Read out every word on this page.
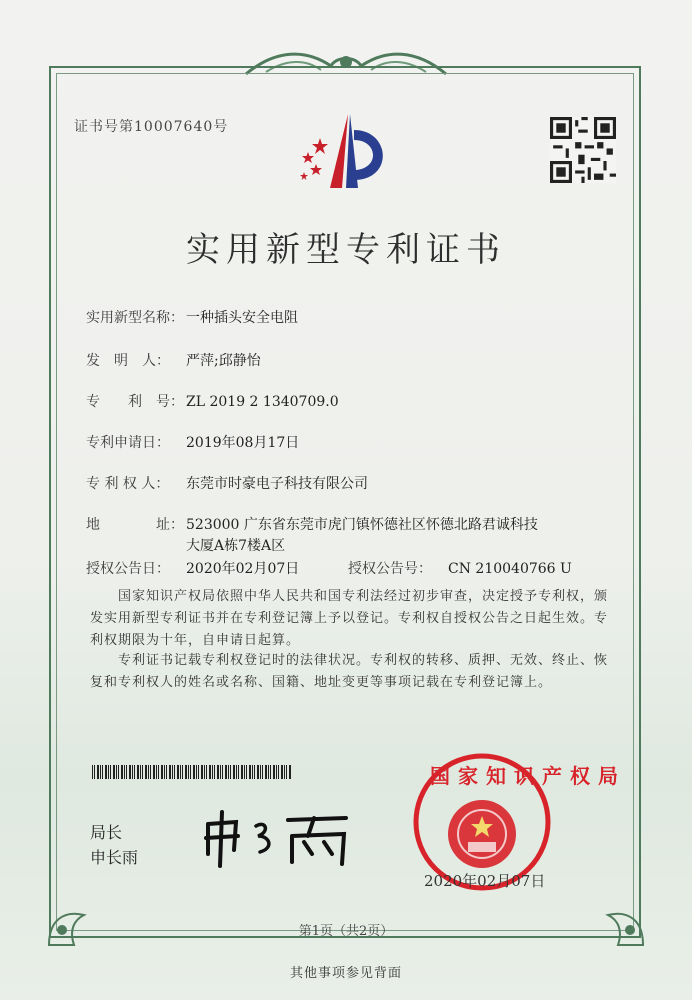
证书号第10007640号
实用新型专利证书
实用新型名称： 一种插头安全电阻
发　明　人： 严萍;邱静怡
专　　利　号： ZL 2019 2 1340709.0
专利申请日： 2019年08月17日
专 利 权 人： 东莞市时豪电子科技有限公司
地　　　　址： 523000 广东省东莞市虎门镇怀德社区怀德北路君诚科技
大厦A栋7楼A区
授权公告日： 2020年02月07日	授权公告号： CN 210040766 U
国家知识产权局依照中华人民共和国专利法经过初步审查，决定授予专利权，颁发实用新型专利证书并在专利登记簿上予以登记。专利权自授权公告之日起生效。专利权期限为十年，自申请日起算。
专利证书记载专利权登记时的法律状况。专利权的转移、质押、无效、终止、恢复和专利权人的姓名或名称、国籍、地址变更等事项记载在专利登记簿上。
局长
申长雨
国家知识产权局
2020年02月07日
第1页（共2页）
其他事项参见背面
